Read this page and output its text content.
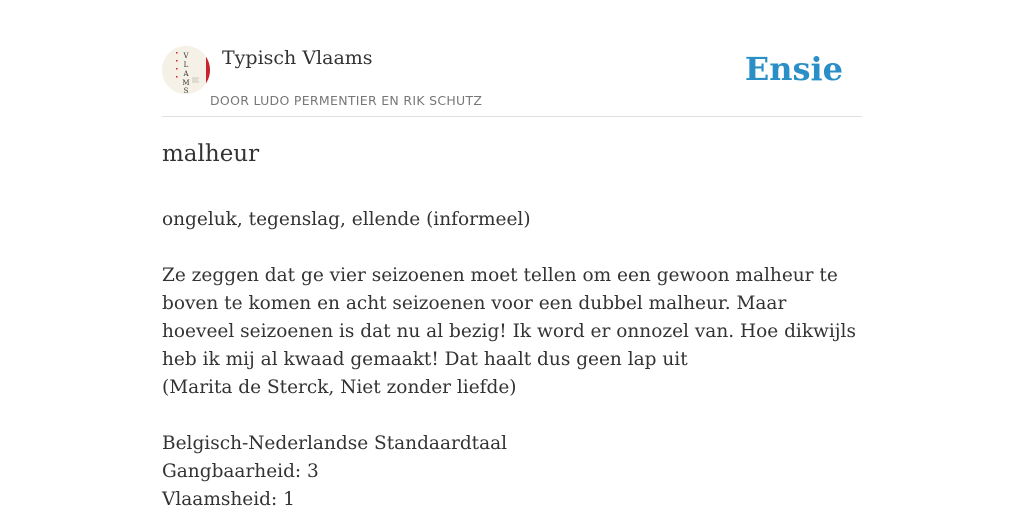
V
L
A
M
S
Typisch Vlaams
DOOR LUDO PERMENTIER EN RIK SCHUTZ
Ensie
malheur

ongeluk, tegenslag, ellende (informeel)

Ze zeggen dat ge vier seizoenen moet tellen om een gewoon malheur te boven te komen en acht seizoenen voor een dubbel malheur. Maar hoeveel seizoenen is dat nu al bezig! Ik word er onnozel van. Hoe dikwijls heb ik mij al kwaad gemaakt! Dat haalt dus geen lap uit

(Marita de Sterck, Niet zonder liefde)

Belgisch-Nederlandse Standaardtaal

Gangbaarheid: 3

Vlaamsheid: 1
